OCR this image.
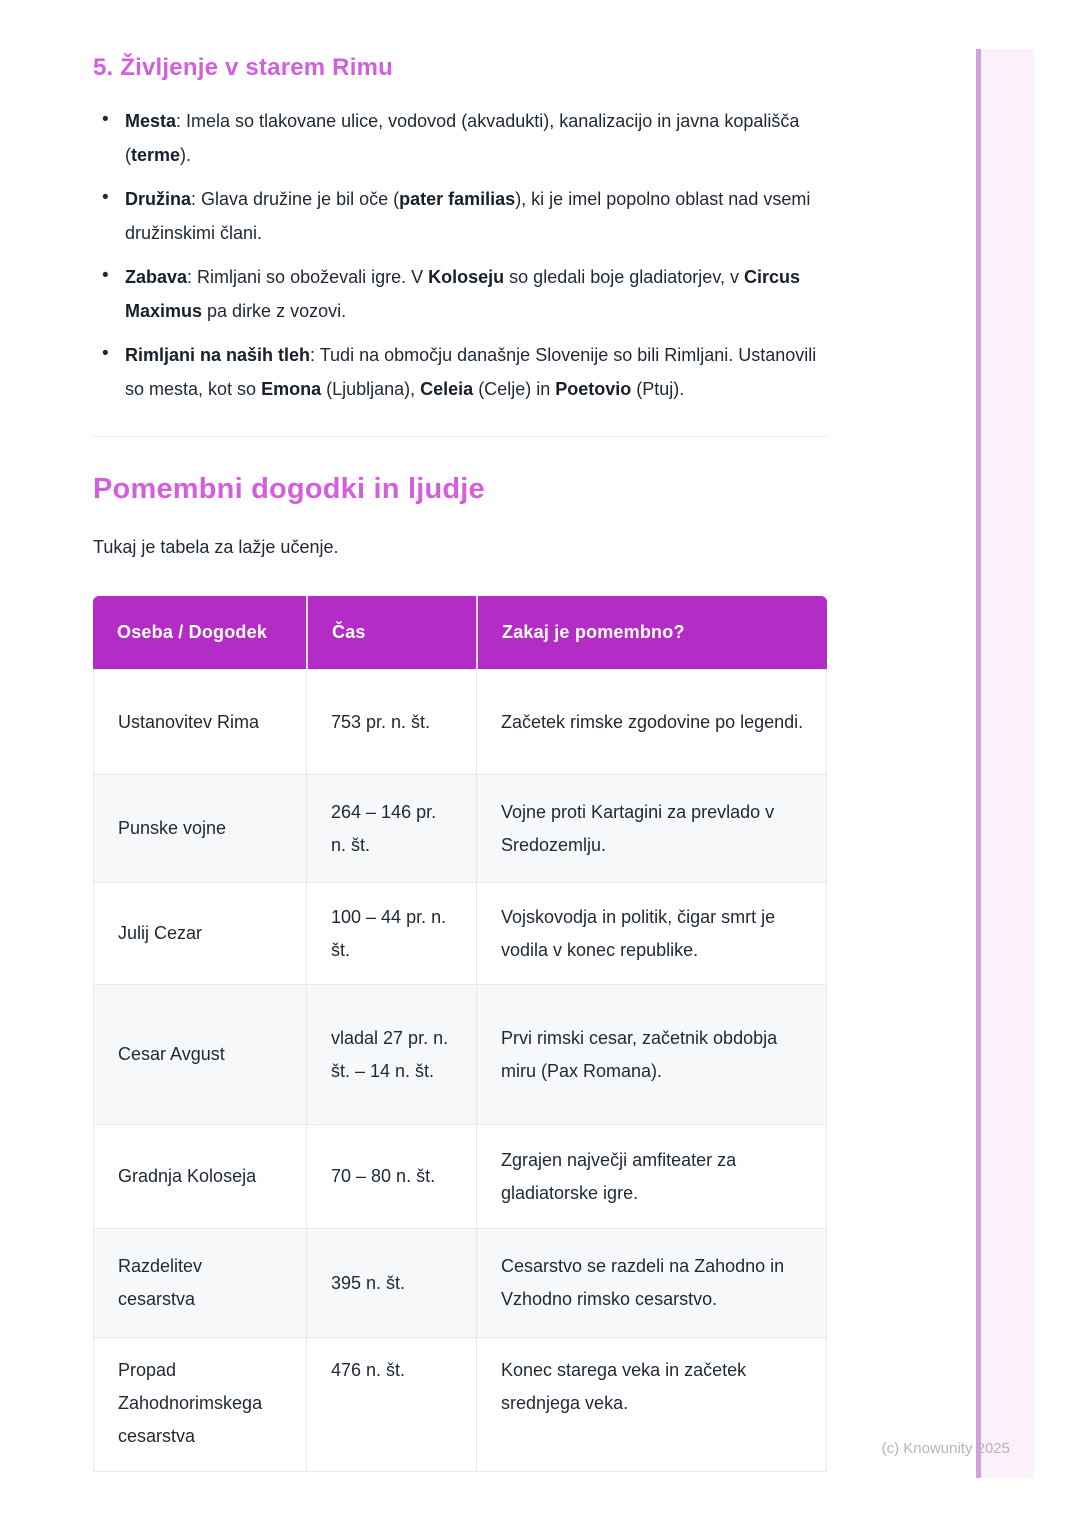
5. Življenje v starem Rimu
• Mesta: Imela so tlakovane ulice, vodovod (akvadukti), kanalizacijo in javna kopališča (terme).
• Družina: Glava družine je bil oče (pater familias), ki je imel popolno oblast nad vsemi družinskimi člani.
• Zabava: Rimljani so oboževali igre. V Koloseju so gledali boje gladiatorjev, v Circus Maximus pa dirke z vozovi.
• Rimljani na naših tleh: Tudi na območju današnje Slovenije so bili Rimljani. Ustanovili so mesta, kot so Emona (Ljubljana), Celeia (Celje) in Poetovio (Ptuj).
Pomembni dogodki in ljudje

Tukaj je tabela za lažje učenje.

Oseba / Dogodek	Čas	Zakaj je pomembno?
Ustanovitev Rima	753 pr. n. št.	Začetek rimske zgodovine po legendi.
Punske vojne	264 – 146 pr. n. št.	Vojne proti Kartagini za prevlado v Sredozemlju.
Julij Cezar	100 – 44 pr. n. št.	Vojskovodja in politik, čigar smrt je vodila v konec republike.
Cesar Avgust	vladal 27 pr. n. št. – 14 n. št.	Prvi rimski cesar, začetnik obdobja miru (Pax Romana).
Gradnja Koloseja	70 – 80 n. št.	Zgrajen največji amfiteater za gladiatorske igre.
Razdelitev cesarstva	395 n. št.	Cesarstvo se razdeli na Zahodno in Vzhodno rimsko cesarstvo.
Propad Zahodnorimskega cesarstva	476 n. št.	Konec starega veka in začetek srednjega veka.
(c) Knowunity 2025
